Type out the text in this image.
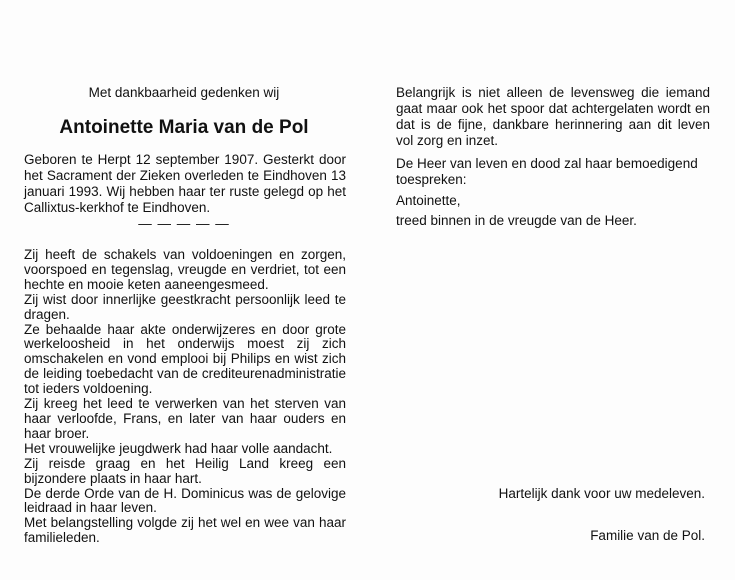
Met dankbaarheid gedenken wij
Antoinette Maria van de Pol
Geboren te Herpt 12 september 1907. Gesterkt door het Sacrament der Zieken overleden te Eindhoven 13 januari 1993. Wij hebben haar ter ruste gelegd op het Callixtus-kerkhof te Eindhoven.
— — — — —

Zij heeft de schakels van voldoeningen en zorgen, voorspoed en tegenslag, vreugde en verdriet, tot een hechte en mooie keten aaneengesmeed.

Zij wist door innerlijke geestkracht persoonlijk leed te dragen.

Ze behaalde haar akte onderwijzeres en door grote werkeloosheid in het onderwijs moest zij zich omschakelen en vond emplooi bij Philips en wist zich de leiding toebedacht van de crediteurenadministratie tot ieders voldoening.

Zij kreeg het leed te verwerken van het sterven van haar verloofde, Frans, en later van haar ouders en haar broer.

Het vrouwelijke jeugdwerk had haar volle aandacht.

Zij reisde graag en het Heilig Land kreeg een bijzondere plaats in haar hart.

De derde Orde van de H. Dominicus was de gelovige leidraad in haar leven.

Met belangstelling volgde zij het wel en wee van haar familieleden.

Belangrijk is niet alleen de levensweg die iemand gaat maar ook het spoor dat achtergelaten wordt en dat is de fijne, dankbare herinnering aan dit leven vol zorg en inzet.
De Heer van leven en dood zal haar bemoedigend toespreken:
Antoinette,
treed binnen in de vreugde van de Heer.
Hartelijk dank voor uw medeleven.
Familie van de Pol.
